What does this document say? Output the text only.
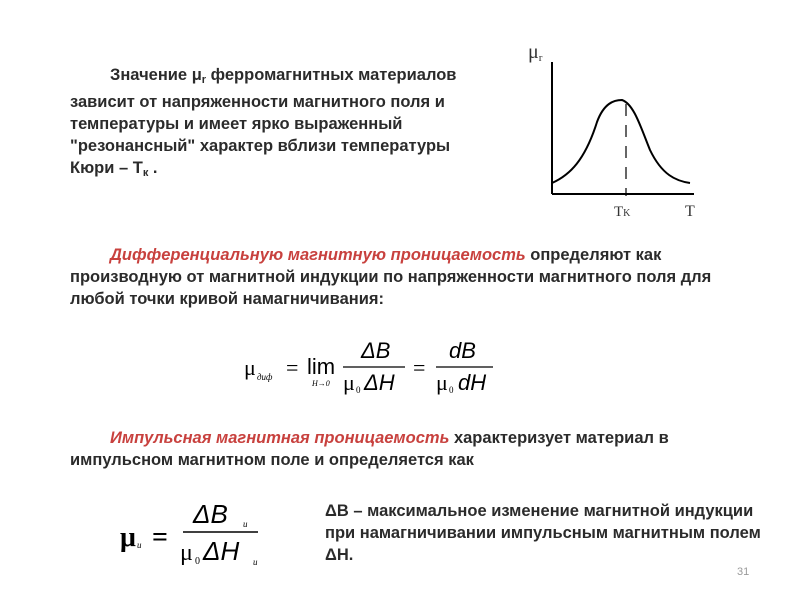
Значение $\mu_r$ ферромагнитных материалов зависит от напряженности магнитного поля и температуры и имеет ярко выраженный "резонансный" характер вблизи температуры Кюри – $Т_к$ .
μr
T
TK
Дифференциальную магнитную проницаемость определяют как производную от магнитной индукции по напряженности магнитного поля для любой точки кривой намагничивания:
μ диф = lim
H→0
ΔB
μ 0 ΔH
=
dB
μ 0 dH
Импульсная магнитная проницаемость характеризует материал в импульсном магнитном поле и определяется как
μ и =
ΔB и
μ 0 ΔH и
ΔB – максимальное изменение магнитной индукции при намагничивании импульсным магнитным полем ΔH.
31
